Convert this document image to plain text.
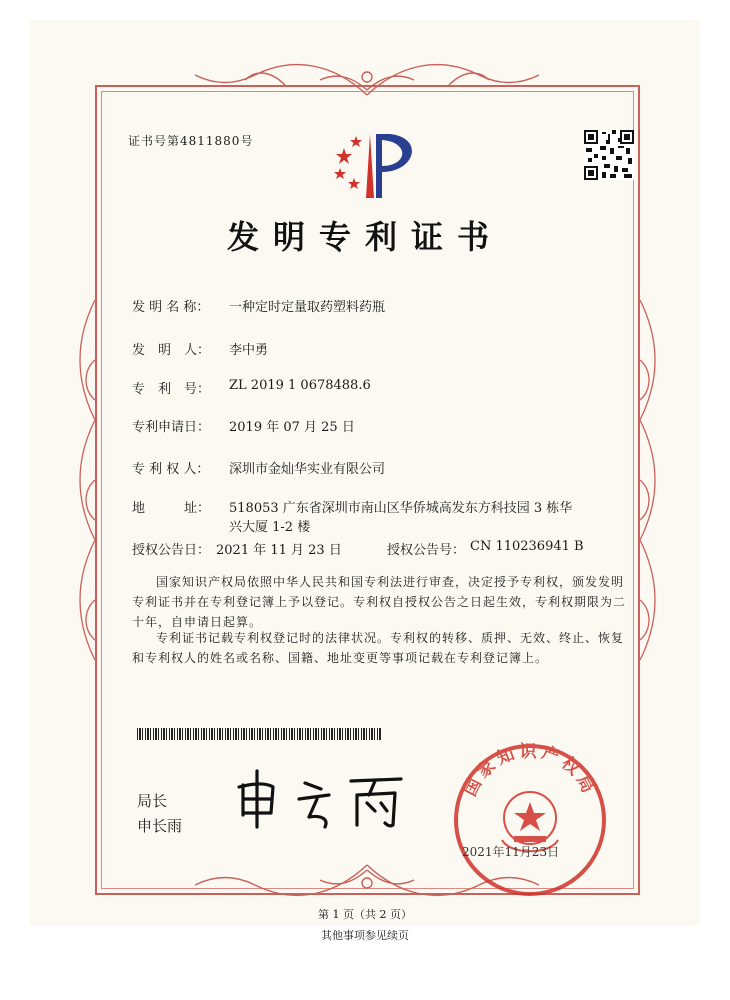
证书号第4811880号
发明专利证书
发 明 名 称： 一种定时定量取药塑料药瓶
发　明　人： 李中勇
专　利　号： ZL 2019 1 0678488.6
专利申请日： 2019 年 07 月 25 日
专 利 权 人： 深圳市金灿华实业有限公司
地　　　址： 518053 广东省深圳市南山区华侨城高发东方科技园 3 栋华
兴大厦 1-2 楼
授权公告日： 2021 年 11 月 23 日	授权公告号： CN 110236941 B
国家知识产权局依照中华人民共和国专利法进行审查，决定授予专利权，颁发发明专利证书并在专利登记簿上予以登记。专利权自授权公告之日起生效，专利权期限为二十年，自申请日起算。
专利证书记载专利权登记时的法律状况。专利权的转移、质押、无效、终止、恢复和专利权人的姓名或名称、国籍、地址变更等事项记载在专利登记簿上。
局长
申长雨
国家知识产权局
2021年11月23日
第 1 页（共 2 页）
其他事项参见续页
